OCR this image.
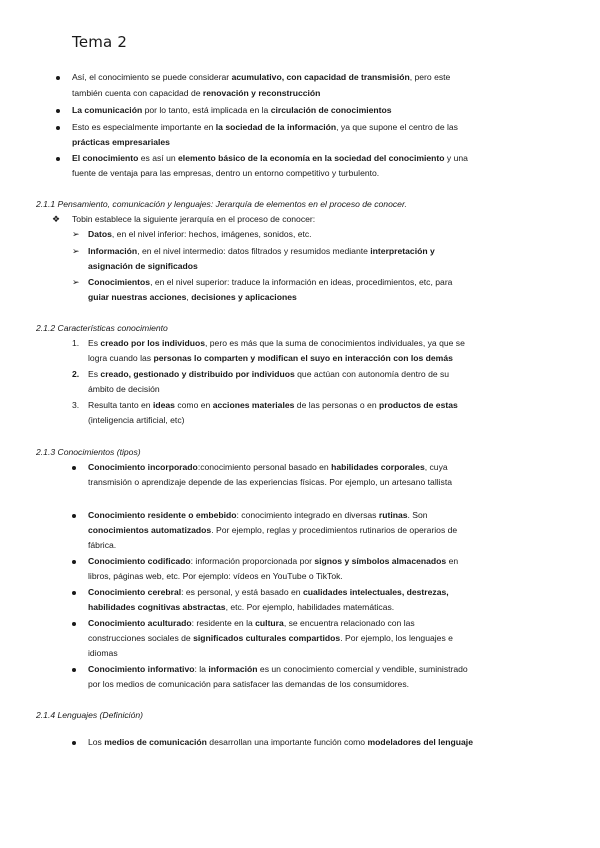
Tema 2
Así, el conocimiento se puede considerar acumulativo, con capacidad de transmisión, pero este
también cuenta con capacidad de renovación y reconstrucción
La comunicación por lo tanto, está implicada en la circulación de conocimientos
Esto es especialmente importante en la sociedad de la información, ya que supone el centro de las
prácticas empresariales
El conocimiento es así un elemento básico de la economía en la sociedad del conocimiento y una
fuente de ventaja para las empresas, dentro un entorno competitivo y turbulento.
2.1.1 Pensamiento, comunicación y lenguajes: Jerarquía de elementos en el proceso de conocer.
❖ Tobin establece la siguiente jerarquía en el proceso de conocer:
➢ Datos, en el nivel inferior: hechos, imágenes, sonidos, etc.
➢ Información, en el nivel intermedio: datos filtrados y resumidos mediante interpretación y
asignación de significados
➢ Conocimientos, en el nivel superior: traduce la información en ideas, procedimientos, etc, para
guiar nuestras acciones, decisiones y aplicaciones
2.1.2 Características conocimiento
1. Es creado por los individuos, pero es más que la suma de conocimientos individuales, ya que se
logra cuando las personas lo comparten y modifican el suyo en interacción con los demás
2. Es creado, gestionado y distribuido por individuos que actúan con autonomía dentro de su
ámbito de decisión
3. Resulta tanto en ideas como en acciones materiales de las personas o en productos de estas
(inteligencia artificial, etc)
2.1.3 Conocimientos (tipos)
Conocimiento incorporado:conocimiento personal basado en habilidades corporales, cuya
transmisión o aprendizaje depende de las experiencias físicas. Por ejemplo, un artesano tallista
Conocimiento residente o embebido: conocimiento integrado en diversas rutinas. Son
conocimientos automatizados. Por ejemplo, reglas y procedimientos rutinarios de operarios de
fábrica.
Conocimiento codificado: información proporcionada por signos y símbolos almacenados en
libros, páginas web, etc. Por ejemplo: vídeos en YouTube o TikTok.
Conocimiento cerebral: es personal, y está basado en cualidades intelectuales, destrezas,
habilidades cognitivas abstractas, etc. Por ejemplo, habilidades matemáticas.
Conocimiento aculturado: residente en la cultura, se encuentra relacionado con las
construcciones sociales de significados culturales compartidos. Por ejemplo, los lenguajes e
idiomas
Conocimiento informativo: la información es un conocimiento comercial y vendible, suministrado
por los medios de comunicación para satisfacer las demandas de los consumidores.
2.1.4 Lenguajes (Definición)
Los medios de comunicación desarrollan una importante función como modeladores del lenguaje
